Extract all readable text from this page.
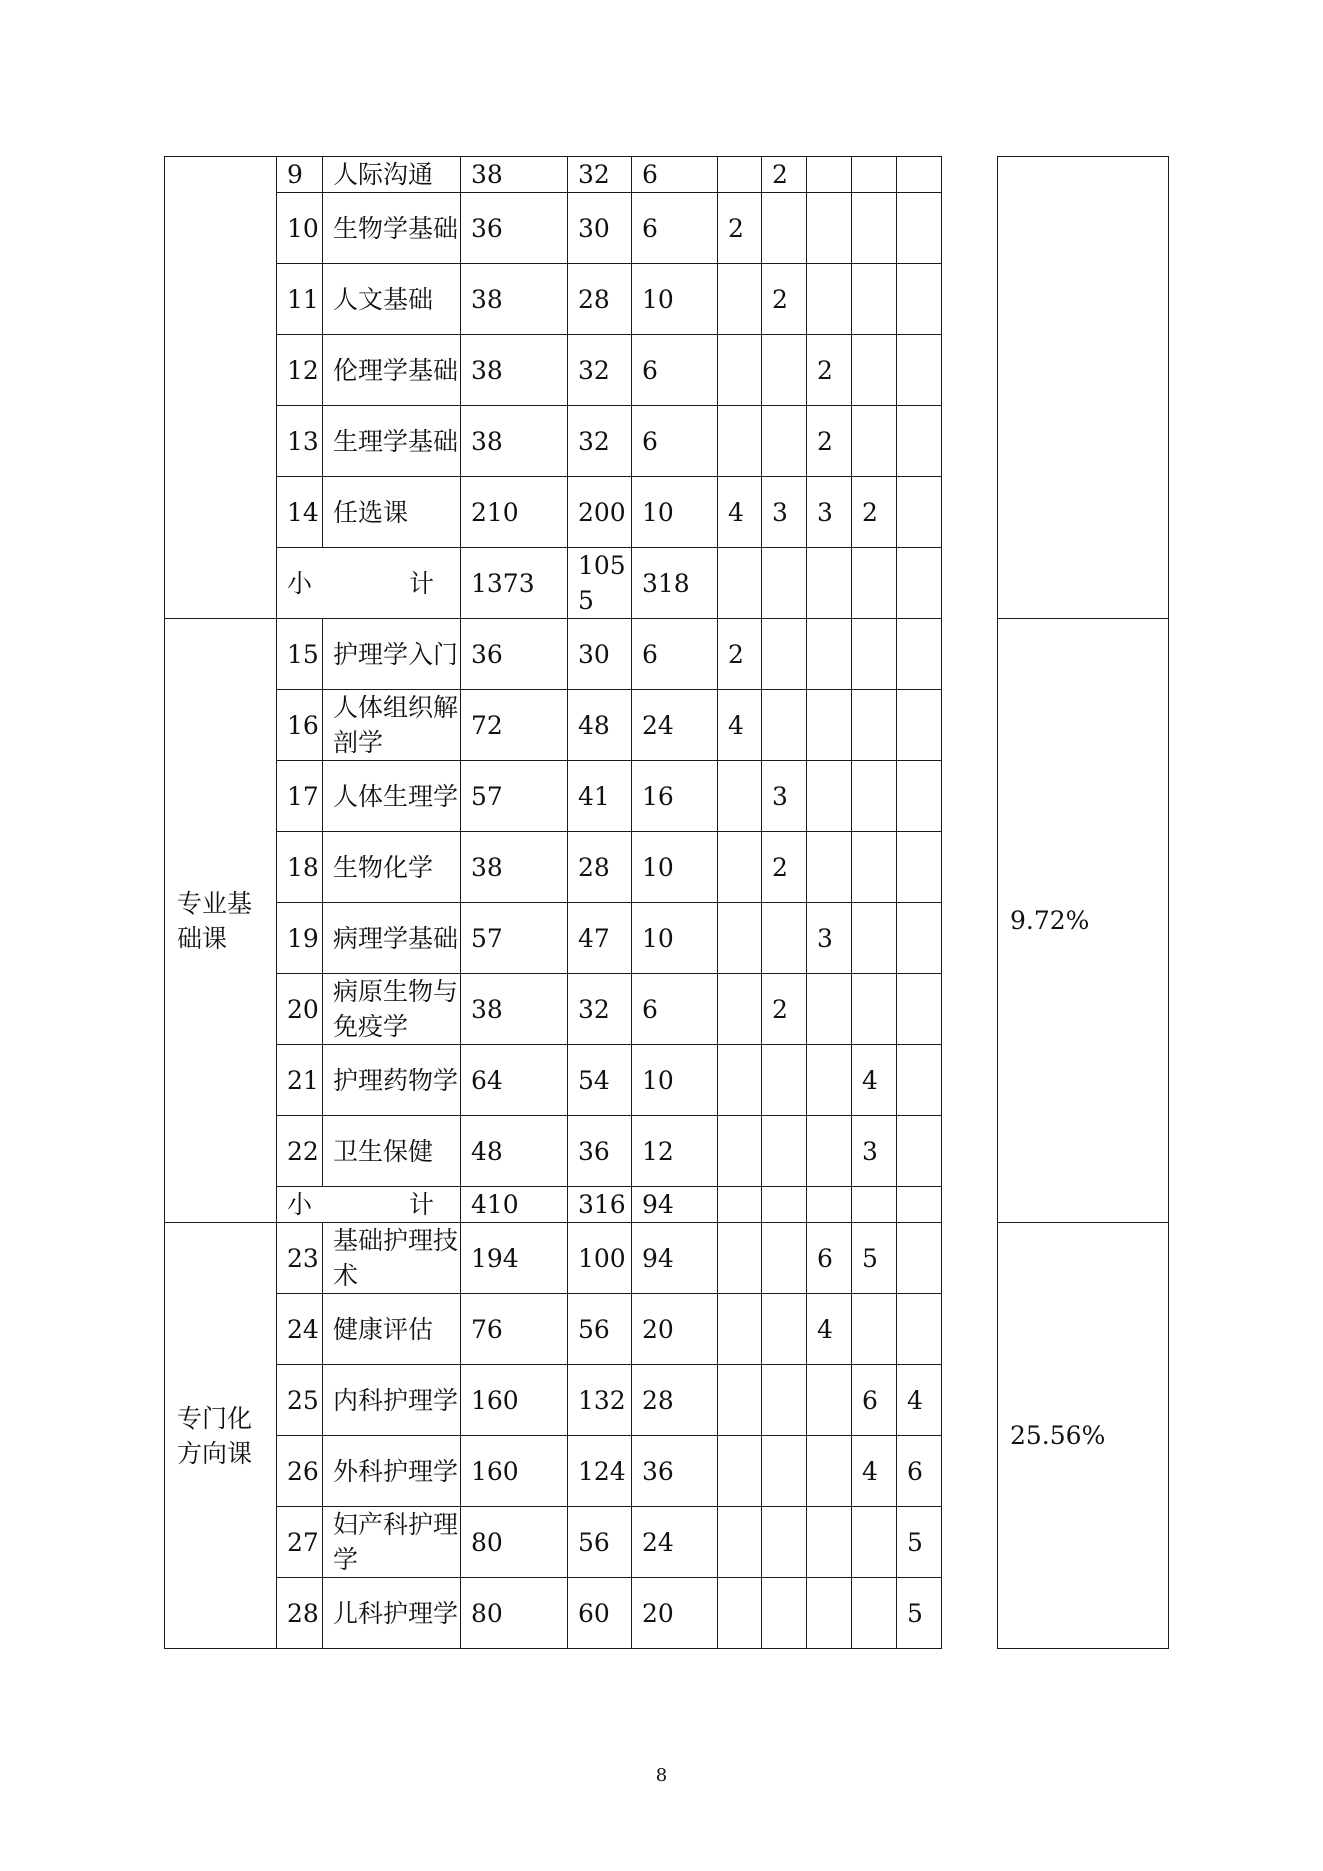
	9	人际沟通	38	32	6		2					
	10	生物学基础	36	30	6	2						
	11	人文基础	38	28	10		2					
	12	伦理学基础	38	32	6			2				
	13	生理学基础	38	32	6			2				
	14	任选课	210	200	10	4	3	3	2			

	小 计		1373	1055	318							
专业基础课	15	护理学入门	36	30	6	2						9.72%
	16	人体组织解剖学	72	48	24	4						
	17	人体生理学	57	41	16		3					
	18	生物化学	38	28	10		2					
	19	病理学基础	57	47	10			3				
	20	病原生物与免疫学	38	32	6		2					
	21	护理药物学	64	54	10				4			
	22	卫生保健	48	36	12				3			

	小 计		410	316	94							
专门化方向课	23	基础护理技术	194	100	94			6	5			25.56%
	24	健康评估	76	56	20			4				
	25	内科护理学	160	132	28				6	4		
	26	外科护理学	160	124	36				4	6		
	27	妇产科护理学	80	56	24					5		
	28	儿科护理学	80	60	20					5		
8
